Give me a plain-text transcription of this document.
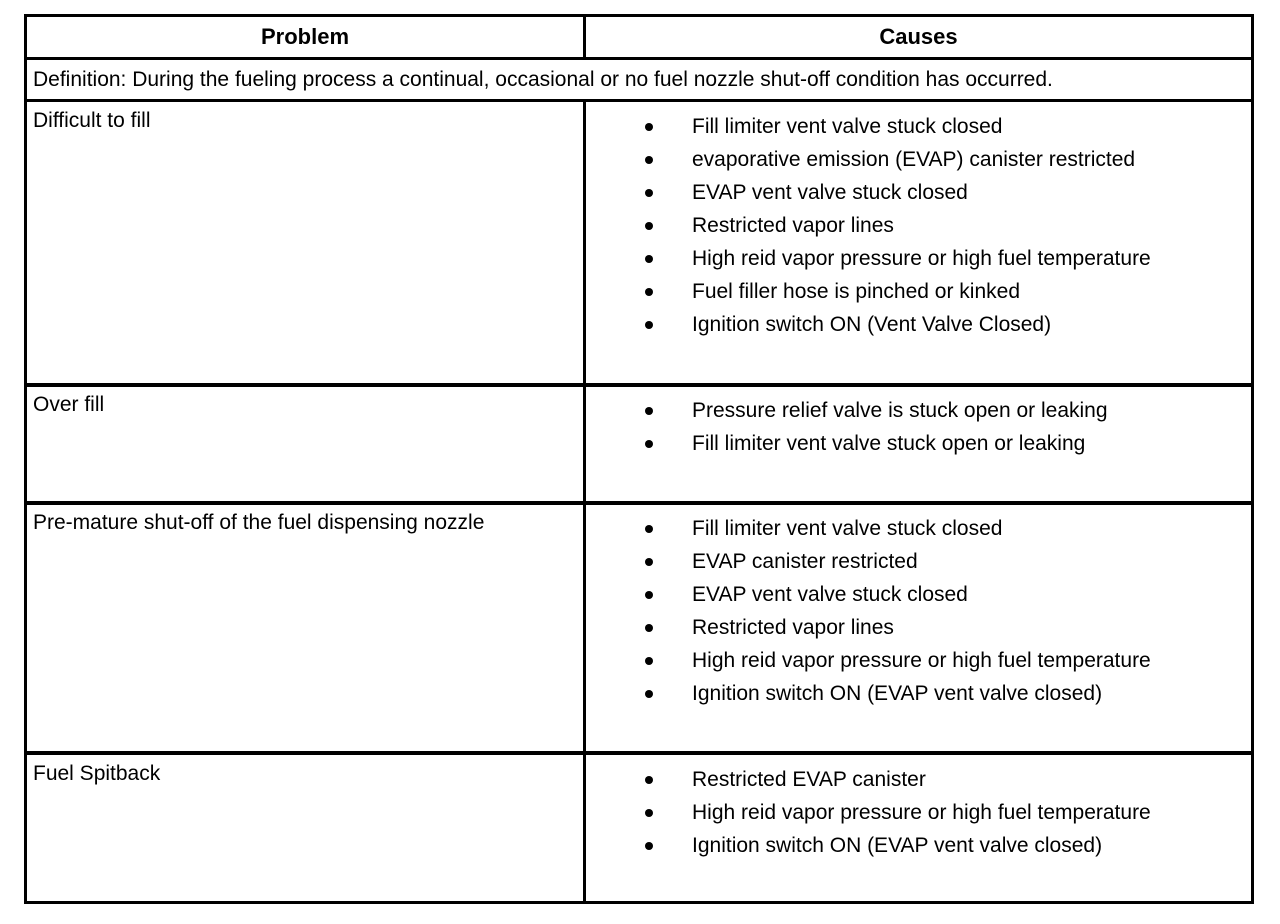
Problem	Causes
Definition: During the fueling process a continual, occasional or no fuel nozzle shut-off condition has occurred.
Difficult to fill	Fill limiter vent valve stuck closed
evaporative emission (EVAP) canister restricted
EVAP vent valve stuck closed
Restricted vapor lines
High reid vapor pressure or high fuel temperature
Fuel filler hose is pinched or kinked
Ignition switch ON (Vent Valve Closed)
Over fill	Pressure relief valve is stuck open or leaking
Fill limiter vent valve stuck open or leaking
Pre-mature shut-off of the fuel dispensing nozzle	Fill limiter vent valve stuck closed
EVAP canister restricted
EVAP vent valve stuck closed
Restricted vapor lines
High reid vapor pressure or high fuel temperature
Ignition switch ON (EVAP vent valve closed)
Fuel Spitback	Restricted EVAP canister
High reid vapor pressure or high fuel temperature
Ignition switch ON (EVAP vent valve closed)
